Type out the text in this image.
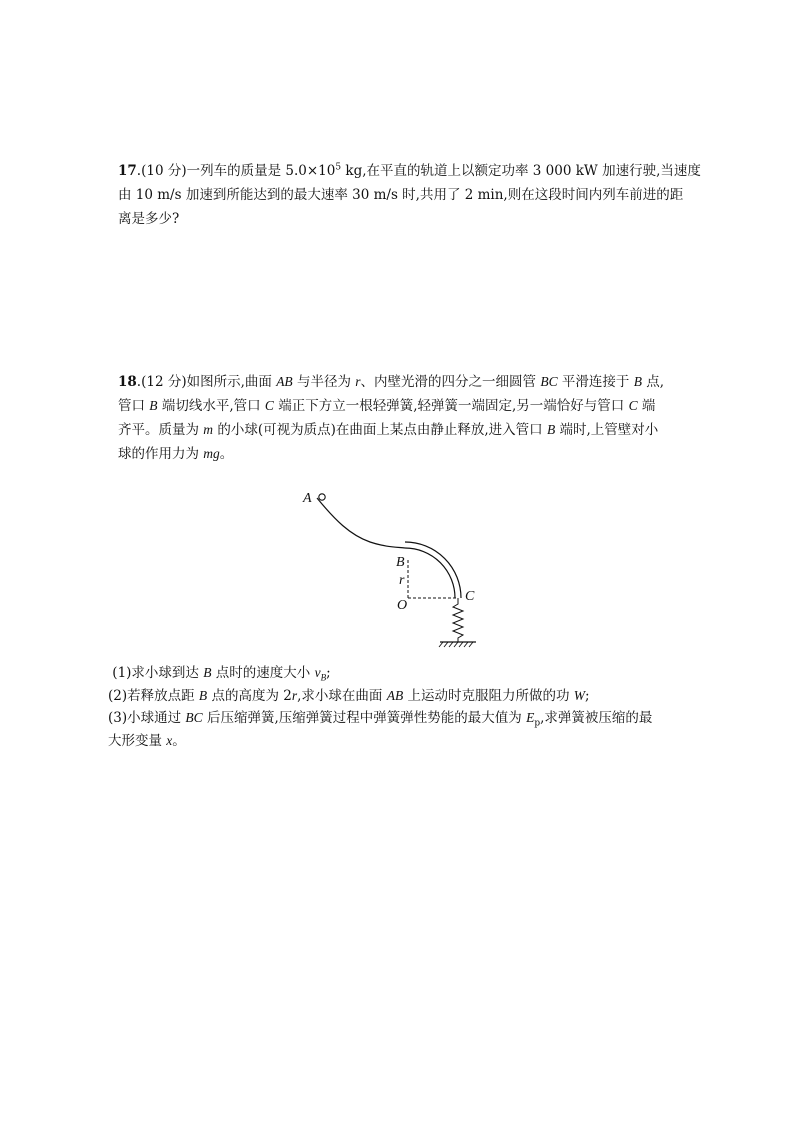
17.(10 分)一列车的质量是 $5.0\times 10^5$ kg,在平直的轨道上以额定功率 3 000 kW 加速行驶,当速度
由 10 m/s 加速到所能达到的最大速率 30 m/s 时,共用了 2 min,则在这段时间内列车前进的距
离是多少?
18.(12 分)如图所示,曲面 AB 与半径为 r、内壁光滑的四分之一细圆管 BC 平滑连接于 B 点,
管口 B 端切线水平,管口 C 端正下方立一根轻弹簧,轻弹簧一端固定,另一端恰好与管口 C 端
齐平。质量为 m 的小球(可视为质点)在曲面上某点由静止释放,进入管口 B 端时,上管壁对小
球的作用力为 mg。
A
B
r
O
C
(1)求小球到达 B 点时的速度大小 $v_B$;
(2)若释放点距 B 点的高度为 2r,求小球在曲面 AB 上运动时克服阻力所做的功 W;
(3)小球通过 BC 后压缩弹簧,压缩弹簧过程中弹簧弹性势能的最大值为 $E_p$,求弹簧被压缩的最
大形变量 x。
